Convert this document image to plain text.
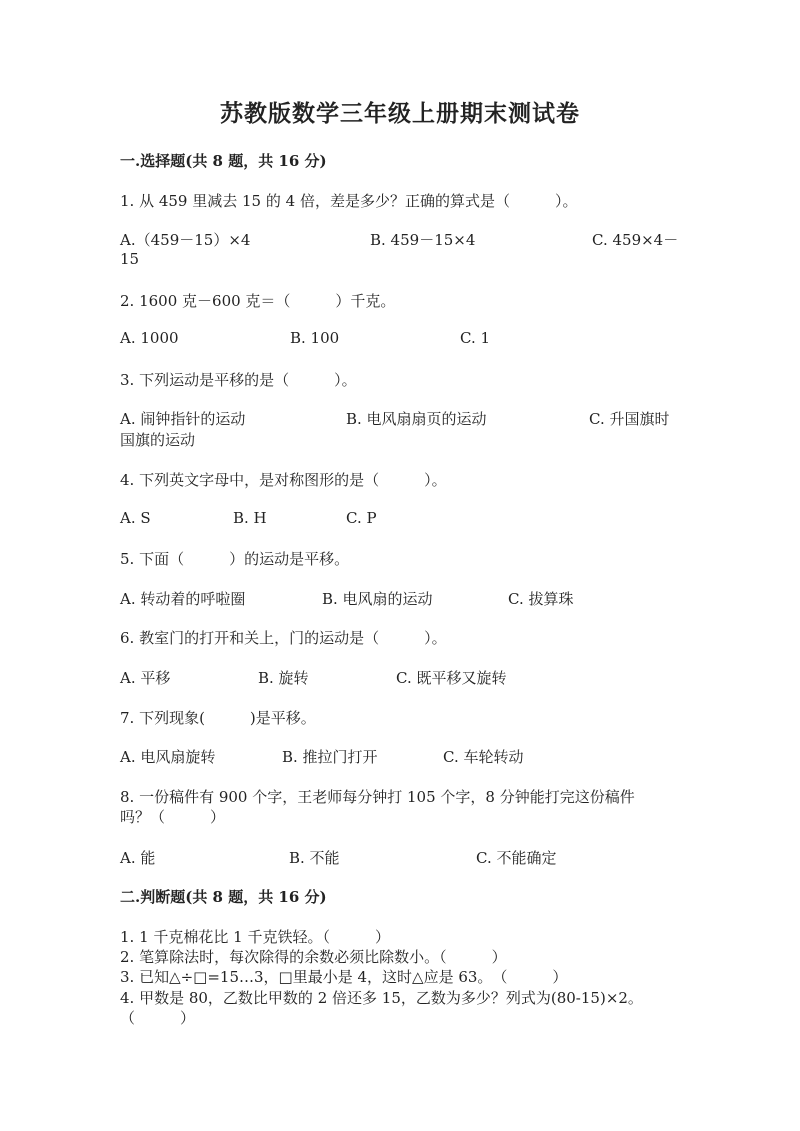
苏教版数学三年级上册期末测试卷
一.选择题(共 8 题，共 16 分)
1. 从 459 里减去 15 的 4 倍，差是多少？正确的算式是（　　　）。
A.（459－15）×4	B. 459－15×4	C. 459×4－
15
2. 1600 克－600 克＝（　　　）千克。
A. 1000	B. 100	C. 1
3. 下列运动是平移的是（　　　）。
A. 闹钟指针的运动	B. 电风扇扇页的运动	C. 升国旗时
国旗的运动
4. 下列英文字母中，是对称图形的是（　　　）。
A. S	B. H	C. P
5. 下面（　　　）的运动是平移。
A. 转动着的呼啦圈	B. 电风扇的运动	C. 拔算珠
6. 教室门的打开和关上，门的运动是（　　　）。
A. 平移	B. 旋转	C. 既平移又旋转
7. 下列现象(　　　)是平移。
A. 电风扇旋转	B. 推拉门打开	C. 车轮转动
8. 一份稿件有 900 个字，王老师每分钟打 105 个字，8 分钟能打完这份稿件
吗？（　　　）
A. 能	B. 不能	C. 不能确定
二.判断题(共 8 题，共 16 分)
1. 1 千克棉花比 1 千克铁轻。（　　　）
2. 笔算除法时，每次除得的余数必须比除数小。（　　　）
3. 已知△÷□=15…3，□里最小是 4，这时△应是 63。　（　　　）
4. 甲数是 80，乙数比甲数的 2 倍还多 15，乙数为多少？列式为(80-15)×2。
（　　　）
